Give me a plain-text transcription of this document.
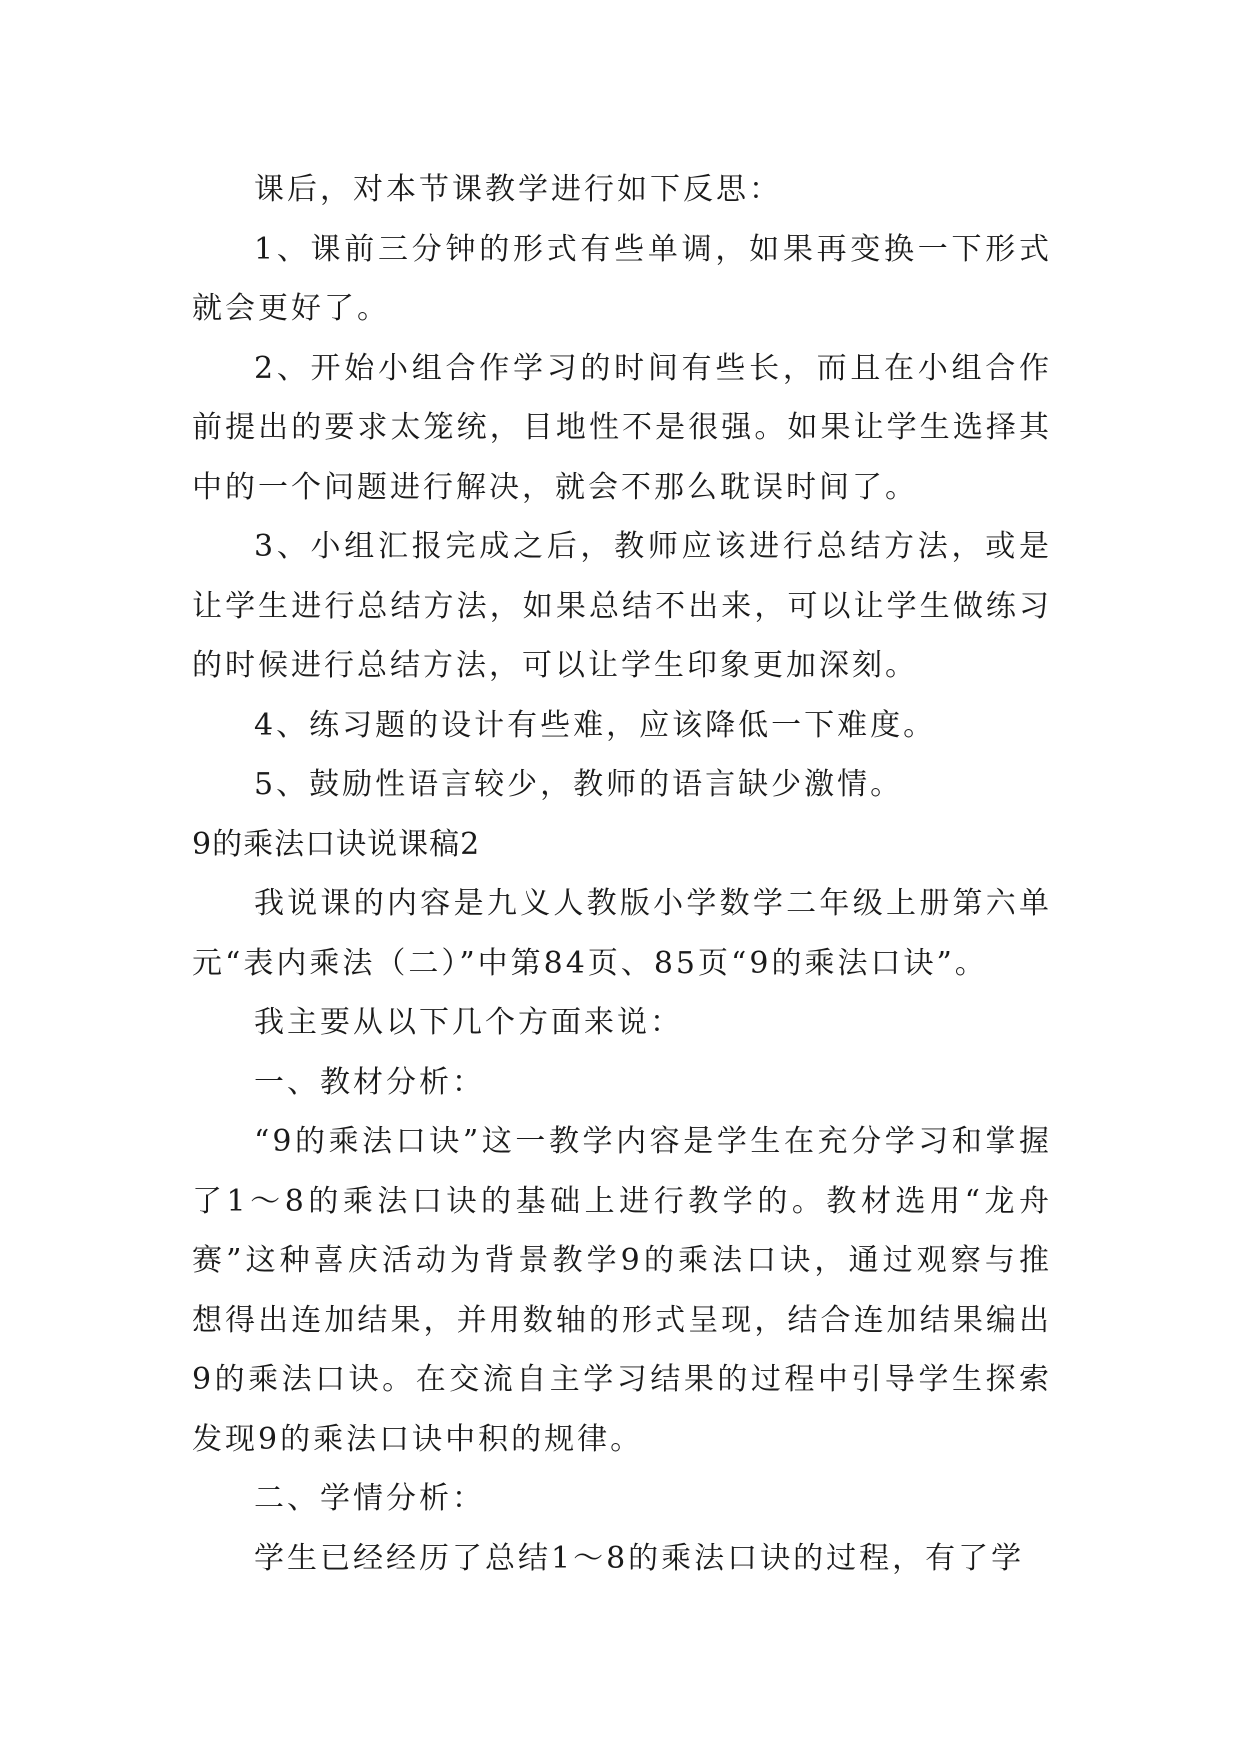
课后，对本节课教学进行如下反思：

1、课前三分钟的形式有些单调，如果再变换一下形式就会更好了。

2、开始小组合作学习的时间有些长，而且在小组合作前提出的要求太笼统，目地性不是很强。如果让学生选择其中的一个问题进行解决，就会不那么耽误时间了。

3、小组汇报完成之后，教师应该进行总结方法，或是让学生进行总结方法，如果总结不出来，可以让学生做练习的时候进行总结方法，可以让学生印象更加深刻。

4、练习题的设计有些难，应该降低一下难度。

5、鼓励性语言较少，教师的语言缺少激情。

9的乘法口诀说课稿2

我说课的内容是九义人教版小学数学二年级上册第六单元“表内乘法（二）”中第84页、85页“9的乘法口诀”。

我主要从以下几个方面来说：

一、教材分析：

“9的乘法口诀”这一教学内容是学生在充分学习和掌握了1～8的乘法口诀的基础上进行教学的。教材选用“龙舟赛”这种喜庆活动为背景教学9的乘法口诀，通过观察与推想得出连加结果，并用数轴的形式呈现，结合连加结果编出9的乘法口诀。在交流自主学习结果的过程中引导学生探索发现9的乘法口诀中积的规律。

二、学情分析：

学生已经经历了总结1～8的乘法口诀的过程，有了学
